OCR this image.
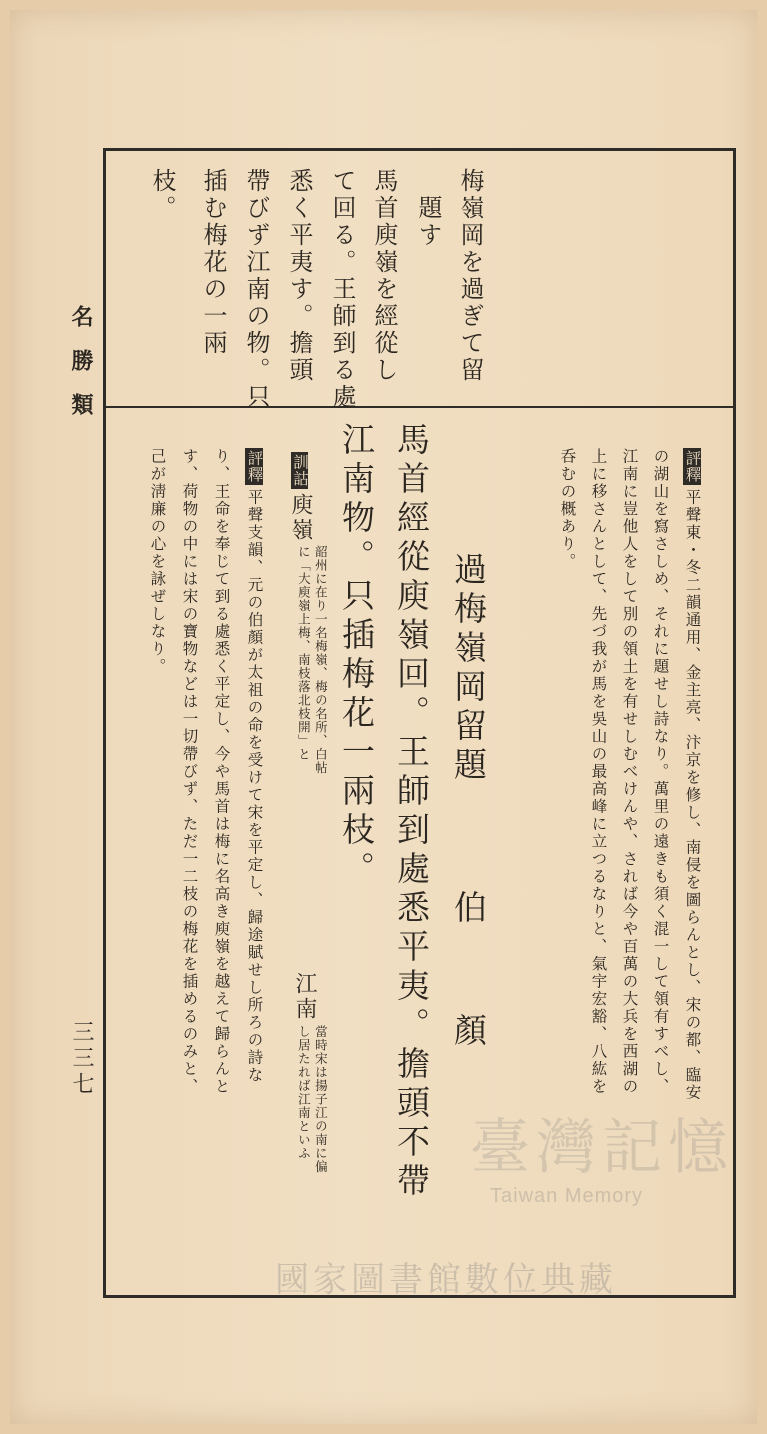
名勝類
三三七
梅嶺岡を過ぎて留
題す
馬首庾嶺を經從し
て回る。王師到る處
悉く平夷す。擔頭
帶びず江南の物。只
插む梅花の一兩
枝。
評釋平聲東・冬二韻通用、金主亮、汴京を修し、南侵を圖らんとし、宋の都、臨安
の湖山を寫さしめ、それに題せし詩なり。萬里の遠きも須く混一して領有すべし、
江南に豈他人をして別の領土を有せしむべけんや、されば今や百萬の大兵を西湖の
上に移さんとして、先づ我が馬を吳山の最高峰に立つるなりと、氣宇宏豁、八紘を
呑むの概あり。
過梅嶺岡留題
伯　　顏
馬首經從庾嶺回。王師到處悉平夷。擔頭不帶
江南物。只插梅花一兩枝。
訓詁庾嶺
韶州に在り一名梅嶺、梅の名所、白帖
に「大庾嶺上梅、南枝落北枝開」と
江南
當時宋は揚子江の南に偏
し居たれば江南といふ
評釋平聲支韻、元の伯顏が太祖の命を受けて宋を平定し、歸途賦せし所ろの詩な
り、王命を奉じて到る處悉く平定し、今や馬首は梅に名高き庾嶺を越えて歸らんと
す、荷物の中には宋の寶物などは一切帶びず、ただ一二枝の梅花を插めるのみと、
己が淸廉の心を詠ぜしなり。
臺灣記憶
Taiwan Memory
國家圖書館數位典藏
